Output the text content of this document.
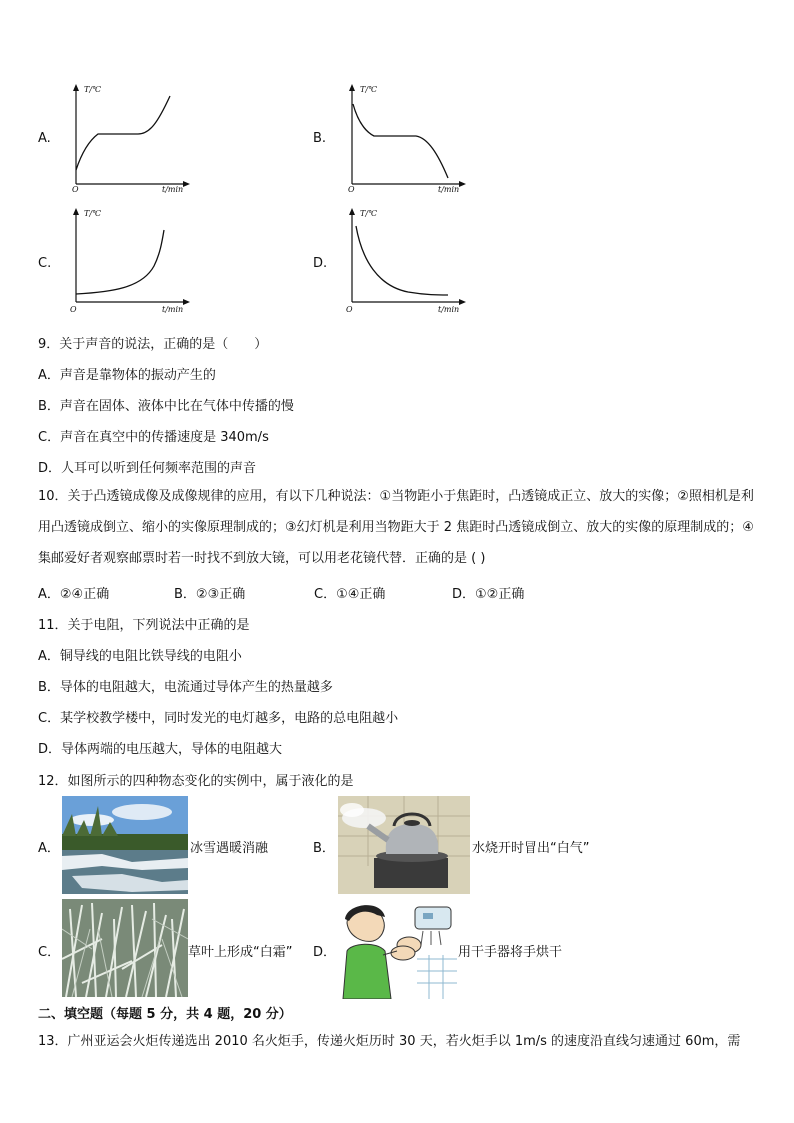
A.
T/℃
O	t/min
B.
T/℃
O	t/min
C.
T/℃
O	t/min
D.
T/℃
O	t/min
9．关于声音的说法，正确的是（　　）
A．声音是靠物体的振动产生的
B．声音在固体、液体中比在气体中传播的慢
C．声音在真空中的传播速度是 340m/s
D．人耳可以听到任何频率范围的声音
10．关于凸透镜成像及成像规律的应用，有以下几种说法：①当物距小于焦距时，凸透镜成正立、放大的实像；②照相机是利用凸透镜成倒立、缩小的实像原理制成的；③幻灯机是利用当物距大于 2 焦距时凸透镜成倒立、放大的实像的原理制成的；④集邮爱好者观察邮票时若一时找不到放大镜，可以用老花镜代替．正确的是 ( )
A．②④正确	B．②③正确	C．①④正确	D．①②正确
11．关于电阻，下列说法中正确的是
A．铜导线的电阻比铁导线的电阻小
B．导体的电阻越大，电流通过导体产生的热量越多
C．某学校教学楼中，同时发光的电灯越多，电路的总电阻越小
D．导体两端的电压越大，导体的电阻越大
12．如图所示的四种物态变化的实例中，属于液化的是
A．	冰雪遇暖消融	B．	水烧开时冒出“白气”
C．	草叶上形成“白霜” D．	用干手器将手烘干
二、填空题（每题 5 分，共 4 题，20 分）
13．广州亚运会火炬传递选出 2010 名火炬手，传递火炬历时 30 天，若火炬手以 1m/s 的速度沿直线匀速通过 60m，需
